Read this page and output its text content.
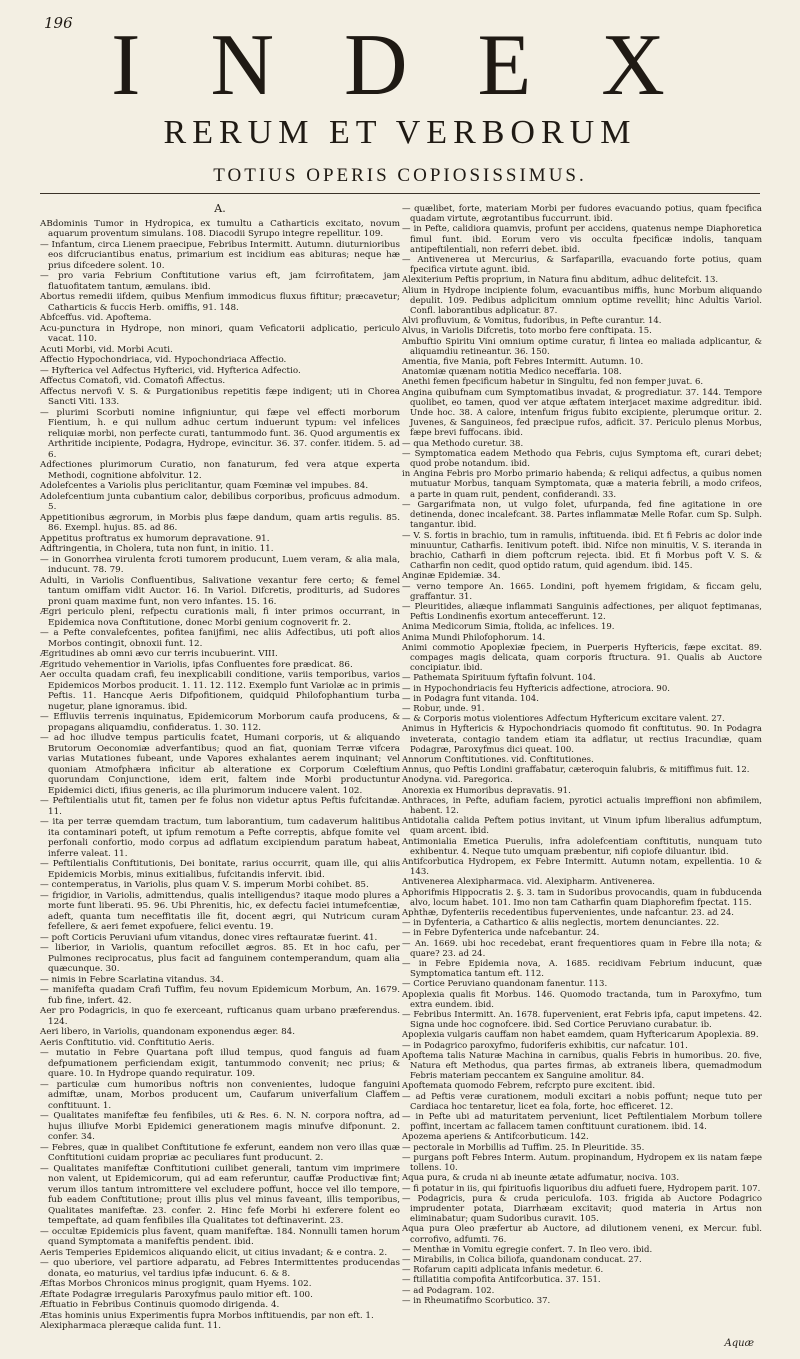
196 I N D E X
RERUM ET VERBORUM
TOTIUS OPERIS COPIOSISSIMUS.
A.

ABdominis Tumor in Hydropica, ex tumultu a Catharticis excitato, novum aquarum proventum simulans. 108. Diacodii Syrupo integre repellitur. 109.

— Infantum, circa Lienem praecipue, Febribus Intermitt. Autumn. diuturnioribus eos difcruciantibus enatus, primarium est incidium eas abituras; neque hæ prius difcedere solent. 10.

— pro varia Febrium Conftitutione varius eft, jam fcirrofitatem, jam flatuofitatem tantum, æmulans. ibid.

Abortus remedii iifdem, quibus Menfium immodicus fluxus fiftitur; præcavetur; Catharticis & fuccis Herb. omiffis, 91. 148.

Abfceffus. vid. Apoftema.

Acu-punctura in Hydrope, non minori, quam Veficatorii adplicatio, periculo vacat. 110.

Acuti Morbi, vid. Morbi Acuti.

Affectio Hypochondriaca, vid. Hypochondriaca Affectio.

— Hyfterica vel Adfectus Hyfterici, vid. Hyfterica Adfectio.

Affectus Comatofi, vid. Comatofi Affectus.

Affectus nervofi V. S. & Purgationibus repetitis fæpe indigent; uti in Chorea Sancti Viti. 133.

— plurimi Scorbuti nomine infigniuntur, qui fæpe vel effecti morborum Fientium, h. e qui nullum adhuc certum induerunt typum: vel infelices reliquiæ morbi, non perfecte curati, tantummodo funt. 36. Quod argumentis ex Arthritide incipiente, Podagra, Hydrope, evincitur. 36. 37. confer. itidem. 5. ad 6.

Adfectiones plurimorum Curatio, non fanaturum, fed vera atque experta Methodi, cognitione abfolvitur. 12.

Adolefcentes a Variolis plus periclitantur, quam Fœminæ vel impubes. 84.

Adolefcentium junta cubantium calor, debilibus corporibus, proficuus admodum. 5.

Appetitionibus ægrorum, in Morbis plus fæpe dandum, quam artis regulis. 85. 86. Exempl. hujus. 85. ad 86.

Appetitus proftratus ex humorum depravatione. 91.

Adftringentia, in Cholera, tuta non funt, in initio. 11.

— in Gonorrhea virulenta fcroti tumorem producunt, Luem veram, & alia mala, inducunt. 78. 79.

Adulti, in Variolis Confluentibus, Salivatione vexantur fere certo; & femel tantum omiffam vidit Auctor. 16. In Variol. Difcretis, prodituris, ad Sudores proni quam maxime funt, non vero infantes. 15. 16.

Ægri periculo pleni, refpectu curationis mali, fi inter primos occurrant, in Epidemica nova Conftitutione, donec Morbi genium cognoverit fr. 2.

— a Pefte convalefcentes, pofitea fanijfimi, nec aliis Adfectibus, uti poft alios Morbos contingit, obnoxii funt. 12.

Ægritudines ab omni ævo cur terris incubuerint. VIII.

Ægritudo vehementior in Variolis, ipfas Confluentes fore prædicat. 86.

Aer occulta quadam crafi, feu inexplicabili conditione, variis temporibus, varios Epidemicos Morbos producit. 1. 11. 12. 112. Exemplo funt Variolæ ac in primis Peftis. 11. Hancque Aeris Difpofitionem, quidquid Philofophantium turba nugetur, plane ignoramus. ibid.

— Effluviis terrenis inquinatus, Epidemicorum Morborum caufa producens, & propagans aliquamdiu, confideratus. 1. 30. 112.

— ad hoc illudve tempus particulis fcatet, Humani corporis, ut & aliquando Brutorum Oeconomiæ adverfantibus; quod an fiat, quoniam Terræ vifcera varias Mutationes fubeant, unde Vapores exhalantes aerem inquinant; vel quoniam Atmofphæra inficitur ab alteratione ex Corporum Cœleftium quorundam Conjunctione, idem erit, faltem inde Morbi productuntur Epidemici dicti, ifiius generis, ac illa plurimorum inducere valent. 102.

— Peftilentialis utut fit, tamen per fe folus non videtur aptus Peftis fufcitandæ. 11.

— ita per terræ quemdam tractum, tum laborantium, tum cadaverum halitibus ita contaminari poteft, ut ipfum remotum a Pefte correptis, abfque fomite vel perfonali confortio, modo corpus ad adflatum excipiendum paratum habeat, inferre valeat. 11.

— Peftilentialis Conftitutionis, Dei bonitate, rarius occurrit, quam ille, qui aliis Epidemicis Morbis, minus exitialibus, fufcitandis infervit. ibid.

— contemperatus, in Variolis, plus quam V. S. imperum Morbi cohibet. 85.

— frigidior, in Variolis, admittendus, qualis intelligendus? itaque modo plures a morte funt liberati. 95. 96. Ubi Phrenitis, hic, ex defectu faciei intumefcentiæ, adeft, quanta tum neceffitatis ille fit, docent ægri, qui Nutricum curam fefellere, & aeri femet expofuere, felici eventu. 19.

— poft Corticis Peruviani ufum vitandus, donec vires reftauratæ fuerint. 41.

— liberior, in Variolis, quantum refocillet ægros. 85. Et in hoc cafu, per Pulmones reciprocatus, plus facit ad fanguinem contemperandum, quam alia quæcunque. 30.

— nimis in Febre Scarlatina vitandus. 34.

— manifefta quadam Crafi Tuffim, feu novum Epidemicum Morbum, An. 1679. fub fine, infert. 42.

Aer pro Podagricis, in quo fe exerceant, rufticanus quam urbano præferendus. 124.

Aeri libero, in Variolis, quandonam exponendus æger. 84.

Aeris Conftitutio. vid. Conftitutio Aeris.

— mutatio in Febre Quartana poft illud tempus, quod fanguis ad fuam defpumationem perficiendam exigit, tantummodo convenit; nec prius; & quare. 10. In Hydrope quando requiratur. 109.

— particulæ cum humoribus noftris non convenientes, ludoque fanguini admiftæ, unam, Morbos producent um, Caufarum univerfalium Claffem conftituunt. 1.

— Qualitates manifeftæ feu fenfibiles, uti & Res. 6. N. N. corpora noftra, ad hujus illiufve Morbi Epidemici generationem magis minufve difponunt. 2. confer. 34.

— Febres, quæ in qualibet Conftitutione fe exferunt, eandem non vero illas quæ Conftitutioni cuidam propriæ ac peculiares funt producunt. 2.

— Qualitates manifeftæ Conftitutioni cuilibet generali, tantum vim imprimere non valent, ut Epidemicorum, qui ad eam referuntur, cauffæ Productivæ fint; verum illos tantum intromittere vel excludere poffunt, hocce vel illo tempore, fub eadem Conftitutione; prout illis plus vel minus faveant, illis temporibus, Qualitates manifeftæ. 23. confer. 2. Hinc fefe Morbi hi exferere folent eo tempeftate, ad quam fenfibiles illa Qualitates tot deftinaverint. 23.

— occultæ Epidemicis plus favent, quam manifeftæ. 184. Nonnulli tamen horum quand Symptomata a manifeftis pendent. ibid.

Aeris Temperies Epidemicos aliquando elicit, ut citius invadant; & e contra. 2.

— quo uberiore, vel partiore adparatu, ad Febres Intermittentes producendas donata, eo maturius, vel tardius ipfæ inducunt. 6. & 8.

Æftas Morbos Chronicos minus progignit, quam Hyems. 102.

Æftate Podagræ irregularis Paroxyfmus paulo mitior eft. 100.

Æftuatio in Febribus Continuis quomodo dirigenda. 4.

Ætas hominis unius Experimentis fupra Morbos inftituendis, par non eft. 1.

Alexipharmaca pleræque calida funt. 11.

— quælibet, forte, materiam Morbi per fudores evacuando potius, quam fpecifica quadam virtute, ægrotantibus fuccurrunt. ibid.

— in Pefte, calidiora quamvis, profunt per accidens, quatenus nempe Diaphoretica fimul funt. ibid. Eorum vero vis occulta fpecificæ indolis, tanquam antipeftilentiali, non referri debet. ibid.

— Antivenerea ut Mercurius, & Sarfaparilla, evacuando forte potius, quam fpecifica virtute agunt. ibid.

Alexiterium Peftis proprium, in Natura finu abditum, adhuc delitefcit. 13.

Alium in Hydrope incipiente folum, evacuantibus miffis, hunc Morbum aliquando depulit. 109. Pedibus adplicitum omnium optime revellit; hinc Adultis Variol. Confl. laborantibus adplicatur. 87.

Alvi profluvium, & Vomitus, fudoribus, in Pefte curantur. 14.

Alvus, in Variolis Difcretis, toto morbo fere conftipata. 15.

Ambuftio Spiritu Vini omnium optime curatur, fi lintea eo maliada adplicantur, & aliquamdiu retineantur. 36. 150.

Amentia, five Mania, poft Febres Intermitt. Autumn. 10.

Anatomiæ quænam notitia Medico neceffaria. 108.

Anethi femen fpecificum habetur in Singultu, fed non femper juvat. 6.

Angina quibufnam cum Symptomatibus invadat, & progrediatur. 37. 144. Tempore quolibet, eo tamen, quod ver atque æftatem interjacet maxime adgreditur. ibid. Unde hoc. 38. A calore, intenfum frigus fubito excipiente, plerumque oritur. 2. Juvenes, & Sanguineos, fed præcipue rufos, adficit. 37. Periculo plenus Morbus, fæpe brevi fuffocans. ibid.

— qua Methodo curetur. 38.

— Symptomatica eadem Methodo qua Febris, cujus Symptoma eft, curari debet; quod probe notandum. ibid.

in Angina Febris pro Morbo primario habenda; & reliqui adfectus, a quibus nomen mutuatur Morbus, tanquam Symptomata, quæ a materia febrili, a modo crifeos, a parte in quam ruit, pendent, confiderandi. 33.

— Gargarifmata non, ut vulgo folet, ufurpanda, fed fine agitatione in ore detinenda, donec incalefcant. 38. Partes inflammatæ Melle Rofar. cum Sp. Sulph. tangantur. ibid.

— V. S. fortis in brachio, tum in ramulis, inftituenda. ibid. Et fi Febris ac dolor inde minuuntur, Catharfis. Ienitivum poteft. ibid. Nifce non minuitis, V. S. iteranda in brachio, Catharfi in diem poftcrum rejecta. ibid. Et fi Morbus poft V. S. & Catharfin non cedit, quod optido ratum, quid agendum. ibid. 145.

Anginæ Epidemiæ. 34.

— verno tempore An. 1665. Londini, poft hyemem frigidam, & ficcam gelu, graffantur. 31.

— Pleuritides, aliæque inflammati Sanguinis adfectiones, per aliquot feptimanas, Peftis Londinenfis exortum antecefferunt. 12.

Anima Medicorum Simia, ftolida, ac infelices. 19.

Anima Mundi Philofophorum. 14.

Animi commotio Apoplexiæ fpeciem, in Puerperis Hyftericis, fæpe excitat. 89. compages magis delicata, quam corporis ftructura. 91. Qualis ab Auctore concipiatur. ibid.

— Pathemata Spirituum fyftafin folvunt. 104.

— in Hypochondriacis feu Hyftericis adfectione, atrociora. 90.

— in Podagra funt vitanda. 104.

— Robur, unde. 91.

— & Corporis motus violentiores Adfectum Hyftericum excitare valent. 27.

Animus in Hyftericis & Hypochondriacis quomodo fit conftitutus. 90. In Podagra inveterata, contagio tandem etiam ita adflatur, ut rectius Iracundiæ, quam Podagræ, Paroxyfmus dici queat. 100.

Annorum Conftitutiones. vid. Conftitutiones.

Annus, quo Peftis Londini graffabatur, cæteroquin falubris, & mitiffimus fuit. 12.

Anodyna. vid. Paregorica.

Anorexia ex Humoribus depravatis. 91.

Anthraces, in Pefte, adufiam faciem, pyrotici actualis impreffioni non abfimilem, habent. 12.

Antidotalia calida Peftem potius invitant, ut Vinum ipfum liberalius adfumptum, quam arcent. ibid.

Antimonialia Emetica Puerulis, infra adolefcentiam conftitutis, nunquam tuto exhibentur. 4. Neque tuto umquam præbentur, nifi copiofe diluantur. ibid.

Antifcorbutica Hydropem, ex Febre Intermitt. Autumn notam, expellentia. 10 & 143.

Antivenerea Alexipharmaca. vid. Alexipharm. Antivenerea.

Aphorifmis Hippocratis 2. §. 3. tam in Sudoribus provocandis, quam in fubducenda alvo, locum habet. 101. Imo non tam Catharfin quam Diaphorefim fpectat. 115.

Aphthæ, Dyfenteriis recedentibus fupervenientes, unde nafcantur. 23. ad 24.

— in Dyfenteria, a Cathartico & aliis neglectis, mortem denunciantes. 22.

— in Febre Dyfenterica unde nafcebantur. 24.

— An. 1669. ubi hoc recedebat, erant frequentiores quam in Febre illa nota; & quare? 23. ad 24.

— in Febre Epidemia nova, A. 1685. recidivam Febrium inducunt, quæ Symptomatica tantum eft. 112.

— Cortice Peruviano quandonam fanentur. 113.

Apoplexia qualis fit Morbus. 146. Quomodo tractanda, tum in Paroxyfmo, tum extra eundem. ibid.

— Febribus Intermitt. An. 1678. fupervenient, erat Febris ipfa, caput impetens. 42. Signa unde hoc cognofcere. ibid. Sed Cortice Peruviano curabatur. ib.

Apoplexia vulgaris cauffam non habet eamdem, quam Hyftericarum Apoplexia. 89.

— in Podagrico paroxyfmo, fudoriferis exhibitis, cur nafcatur. 101.

Apoftema talis Naturæ Machina in carnibus, qualis Febris in humoribus. 20. five, Natura eft Methodus, qua partes firmas, ab extraneis libera, quemadmodum Febris materiam peccantem ex Sanguine amolitur. 84.

Apoftemata quomodo Febrem, refcrpto pure excitent. ibid.

— ad Peftis veræ curationem, moduli excitari a nobis poffunt; neque tuto per Cardiaca hoc tentaretur, licet ea fola, forte, hoc efficeret. 12.

— in Pefte ubi ad maturitatem perveniunt, licet Peftilentialem Morbum tollere poffint, incertam ac fallacem tamen conftituunt curationem. ibid. 14.

Apozema aperiens & Antifcorbuticum. 142.

— pectorale in Morbillis ad Tuffim. 25. In Pleuritide. 35.

— purgans poft Febres Interm. Autum. propinandum, Hydropem ex iis natam fæpe tollens. 10.

Aqua pura, & cruda ni ab ineunte ætate adfumatur, nociva. 103.

— fi potatur in iis, qui fpirituofis liquoribus diu adfueti fuere, Hydropem parit. 107.

— Podagricis, pura & cruda periculofa. 103. frigida ab Auctore Podagrico imprudenter potata, Diarrhæam excitavit; quod materia in Artus non eliminabatur; quam Sudoribus curavit. 105.

Aqua pura Oleo præfertur ab Auctore, ad dilutionem veneni, ex Mercur. fubl. corrofivo, adfumti. 76.

— Menthæ in Vomitu egregie confert. 7. In Ileo vero. ibid.

— Mirabilis, in Colica biliofa, quandonam conducat. 27.

— Rofarum capiti adplicata infanis medetur. 6.

— ftillatitia compofita Antifcorbutica. 37. 151.

— ad Podagram. 102.

— in Rheumatifmo Scorbutico. 37.

Aquæ
